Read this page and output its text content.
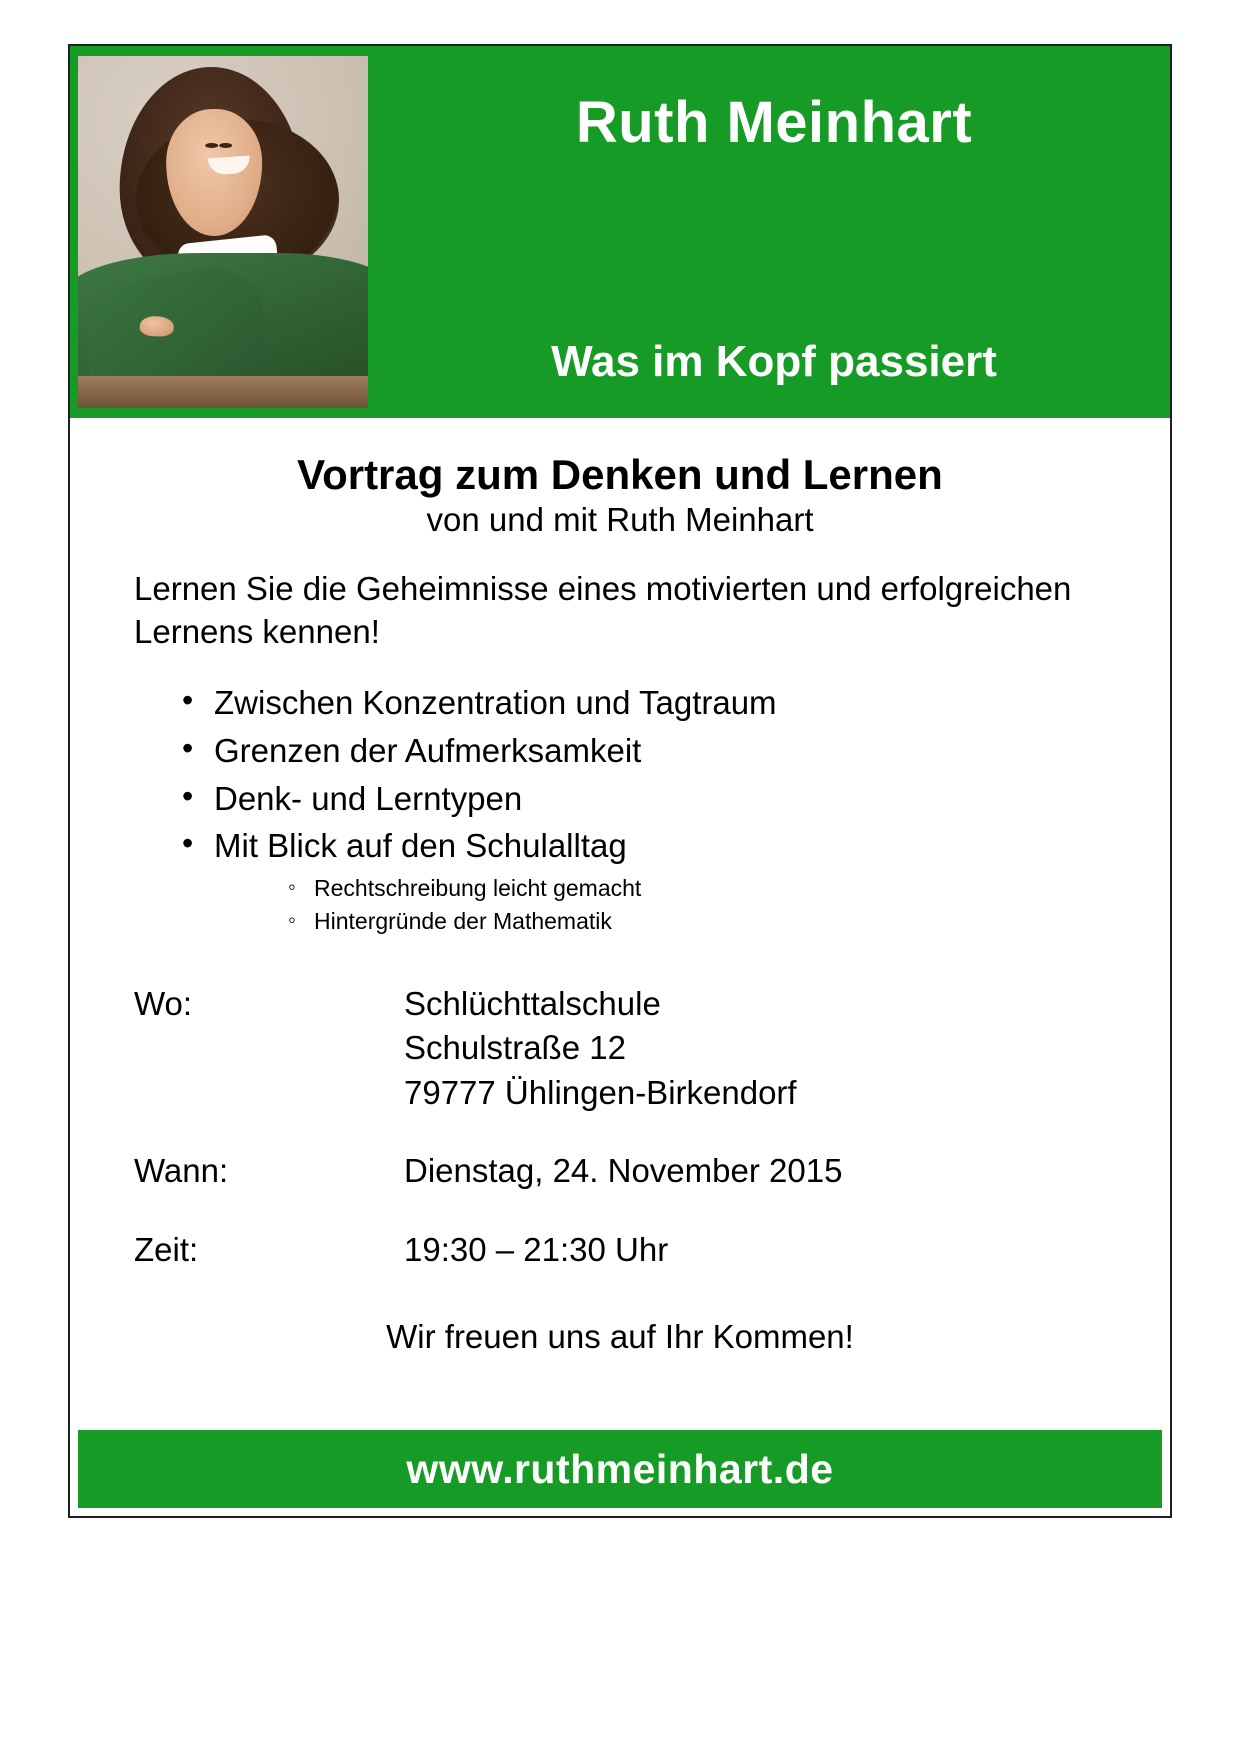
Ruth Meinhart
Was im Kopf passiert
Vortrag zum Denken und Lernen
von und mit Ruth Meinhart

Lernen Sie die Geheimnisse eines motivierten und erfolgreichen Lernens kennen!

• Zwischen Konzentration und Tagtraum
• Grenzen der Aufmerksamkeit
• Denk- und Lerntypen
• Mit Blick auf den Schulalltag
◦ Rechtschreibung leicht gemacht
◦ Hintergründe der Mathematik
Wo:	Schlüchttalschule
Schulstraße 12
79777 Ühlingen-Birkendorf
Wann:	Dienstag, 24. November 2015
Zeit:	19:30 – 21:30 Uhr
Wir freuen uns auf Ihr Kommen!
www.ruthmeinhart.de
